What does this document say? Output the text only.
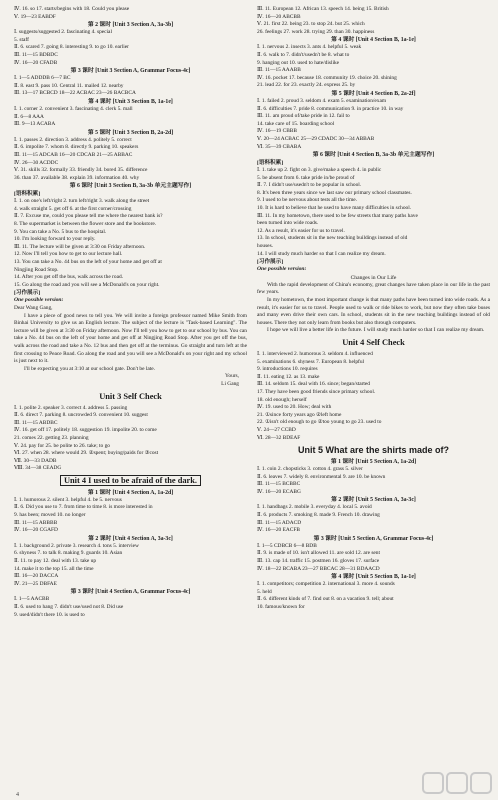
Ⅳ. 16. so 17. starts/begins with 18. Could you please
Ⅴ. 19—23 EABDF
第 2 课时 [Unit 3 Section A, 3a-3b]
Ⅰ. suggests/suggested 2. fascinating 4. special
5. staff
Ⅱ. 6. scared 7. going 8. interesting 9. to go 10. earlier
Ⅲ. 11—15 BDBDC
Ⅳ. 16—20 CFADB
第 3 课时 [Unit 3 Section A, Grammar Focus-4c]
Ⅰ. 1—5 ADDDB 6—7 BC
Ⅱ. 8. east 9. pass 10. Central 11. mailed 12. nearby
Ⅲ. 13—17 BCBCD 18—22 ACBAC 23—26 BACBCA
第 4 课时 [Unit 3 Section B, 1a-1e]
Ⅰ. 1. corner 2. convenient 3. fascinating 4. clerk 5. mall
Ⅱ. 6—8 AAA
Ⅲ. 9—13 ACABA
第 5 课时 [Unit 3 Section B, 2a-2d]
Ⅰ. 1. passes 2. direction 3. address 4. politely 5. correct
Ⅱ. 6. impolite 7. whom 8. directly 9. parking 10. speakers
Ⅲ. 11—15 ADCAB 16—20 CDCAB 21—25 ABBAC
Ⅳ. 26—30 ACDDC
Ⅴ. 31. skills 32. formally 33. friendly 34. bored 35. difference
36. than 37. available 38. explain 39. information 40. why
第 6 课时 [Unit 3 Section B, 3a-3b 单元主题写作]
[语料积累]
Ⅰ. 1. on one's left/right 2. turn left/right 3. walk along the street
4. walk straight 5. get off 6. at the first corner/crossing
Ⅱ. 7. Excuse me, could you please tell me where the nearest bank is?
8. The supermarket is between the flower store and the bookstore.
9. You can take a No. 5 bus to the hospital.
10. I'm looking forward to your reply.
Ⅲ. 11. The lecture will be given at 3:30 on Friday afternoon.
12. Now I'll tell you how to get to our lecture hall.
13. You can take a No. 44 bus on the left of your home and get off at
Ningjing Road Stop.
14. After you get off the bus, walk across the road.
15. Go along the road and you will see a McDonald's on your right.
[习作展示]
One possible version:
Dear Wang Gang,
I have a piece of good news to tell you. We will invite a foreign professor named Mike Smith from Binhai University to give us an English lecture. The subject of the lecture is "Task-based Learning". The lecture will be given at 3:30 on Friday afternoon. Now I'll tell you how to get to our school by bus. You can take a No. 44 bus on the left of your home and get off at Ningjing Road Stop. After you get off the bus, walk across the road and take a No. 12 bus and then get off at the terminus. Go straight and turn left at the first crossing to Peace Road. Go along the road and you will see a McDonald's on your right and my school is just next to it.
I'll be expecting you at 3:10 at our school gate. Don't be late.
Yours,
Li Gang
Unit 3 Self Check
Ⅰ. 1. polite 2. speaker 3. correct 4. address 5. passing
Ⅱ. 6. direct 7. parking 8. uncrowded 9. convenient 10. suggest
Ⅲ. 11—15 ABDBC
Ⅳ. 16. get off 17. politely 18. suggestion 19. impolite 20. to come
21. comes 22. getting 23. planning
Ⅴ. 24. pay for 25. be polite to 26. take; to go
Ⅵ. 27. when 28. where would 29. ②spent; buying/paids for ③cost
Ⅶ. 30—33 DADB
Ⅷ. 34—38 CEADG
Unit 4 I used to be afraid of the dark.
第 1 课时 [Unit 4 Section A, 1a-2d]
Ⅰ. 1. humorous 2. silent 3. helpful 4. be 5. nervous
Ⅱ. 6. Did you use to 7. from time to time 8. is more interested in
9. has been; moved 10. no longer
Ⅲ. 11—15 ABBBB
Ⅳ. 16—20 CGAFD
第 2 课时 [Unit 4 Section A, 3a-3c]
Ⅰ. 1. background 2. private 3. research 4. tons 5. interview
6. shyness 7. to talk 8. making 9. guards 10. Asian
Ⅱ. 11. to pay 12. deal with 13. take up
14. make it to the top 15. all the time
Ⅲ. 16—20 DACCA
Ⅳ. 21—25 DBFAE
第 3 课时 [Unit 4 Section A, Grammar Focus-4c]
Ⅰ. 1—5 AACBB
Ⅱ. 6. used to hang 7. didn't use/used not 8. Did use
9. used/didn't there 10. is used to
Ⅲ. 11. European 12. African 13. speech 14. being 15. British
Ⅳ. 16—20 ABCBB
Ⅴ. 21. first 22. being 23. to stop 24. but 25. which
26. feelings 27. work 28. trying 29. than 30. happiness
第 4 课时 [Unit 4 Section B, 1a-1e]
Ⅰ. 1. nervous 2. insects 3. ants 4. helpful 5. weak
Ⅱ. 6. walk to 7. didn't/usedn't be 8. what to
9. hanging out 10. used to hate/dislike
Ⅲ. 11—15 AAABB
Ⅳ. 16. pocket 17. because 18. community 19. choice 20. shining
21. lead 22. for 23. exactly 24. express 25. by
第 5 课时 [Unit 4 Section B, 2a-2f]
Ⅰ. 1. failed 2. proud 3. seldom 4. exam 5. examination/exam
Ⅱ. 6. difficulties 7. pride 8. communication 9. in practice 10. in way
Ⅲ. 11. am proud of/take pride in 12. fail to
14. take care of 15. boarding school
Ⅳ. 16—19 CBBB
Ⅴ. 20—24 ACBAC 25—29 CDADC 30—34 ABBAB
Ⅵ. 35—39 CBABA
第 6 课时 [Unit 4 Section B, 3a-3b 单元主题写作]
[语料积累]
Ⅰ. 1. take up 2. fight on 3. give/make a speech 4. in public
5. be absent from 6. take pride in/be proud of
Ⅱ. 7. I didn't use/usedn't to be popular in school.
8. It's been three years since we last saw our primary school classmates.
9. I used to be nervous about tests all the time.
10. It is hard to believe that he used to have many difficulties in school.
Ⅲ. 11. In my hometown, there used to be few streets that many paths have
been turned into wide roads.
12. As a result, it's easier for us to travel.
13. In school, students sit in the new teaching buildings instead of old
houses.
14. I will study much harder so that I can realize my dream.
[习作展示]
One possible version:
Changes in Our Life
With the rapid development of China's economy, great changes have taken place in our life in the past few years.
In my hometown, the most important change is that many paths have been turned into wide roads. As a result, it's easier for us to travel. People used to walk or ride bikes to work, but now they often take buses and many even drive their own cars. In school, students sit in the new teaching buildings instead of old houses. There they not only learn from books but also through computers.
I hope we will live a better life in the future. I will study much harder so that I can realize my dream.
Unit 4 Self Check
Ⅰ. 1. interviewed 2. humorous 3. seldom 4. influenced
5. examinations 6. shyness 7. European 8. helpful
9. introductions 10. requires
Ⅱ. 11. eating 12. as 13. make
Ⅲ. 14. seldom 15. deal with 16. since; began/started
17. They have been good friends since primary school.
18. old enough; herself
Ⅳ. 19. used to 20. How; deal with
21. ①since forty years ago ②left home
22. ①isn't old enough to go ②too young to go 23. used to
Ⅴ. 24—27 CCBD
Ⅵ. 28—32 BDEAF
Unit 5 What are the shirts made of?
第 1 课时 [Unit 5 Section A, 1a-2d]
Ⅰ. 1. coin 2. chopsticks 3. cotton 4. grass 5. silver
Ⅱ. 6. leaves 7. widely 8. environmental 9. are 10. be known
Ⅲ. 11—15 BCBBC
Ⅳ. 16—20 ECABG
第 2 课时 [Unit 5 Section A, 3a-3c]
Ⅰ. 1. handbags 2. mobile 3. everyday 4. local 5. avoid
Ⅱ. 6. products 7. smoking 8. made 9. French 10. drawing
Ⅲ. 11—15 ADACD
Ⅳ. 16—20 EACFB
第 3 课时 [Unit 5 Section A, Grammar Focus-4c]
Ⅰ. 1—5 CDBCB 6—8 BDB
Ⅱ. 9. is made of 10. isn't allowed 11. are sold 12. are sent
Ⅲ. 13. cap 14. traffic 15. postmen 16. gloves 17. surface
Ⅳ. 18—22 BCABA 23—27 BBCAC 28—31 BDAACD
第 4 课时 [Unit 5 Section B, 1a-1e]
Ⅰ. 1. competitors; competition 2. international 3. more 4. sounds
5. held
Ⅱ. 6. different kinds of 7. find out 8. on a vacation 9. tell; about
10. famous/known for
4
